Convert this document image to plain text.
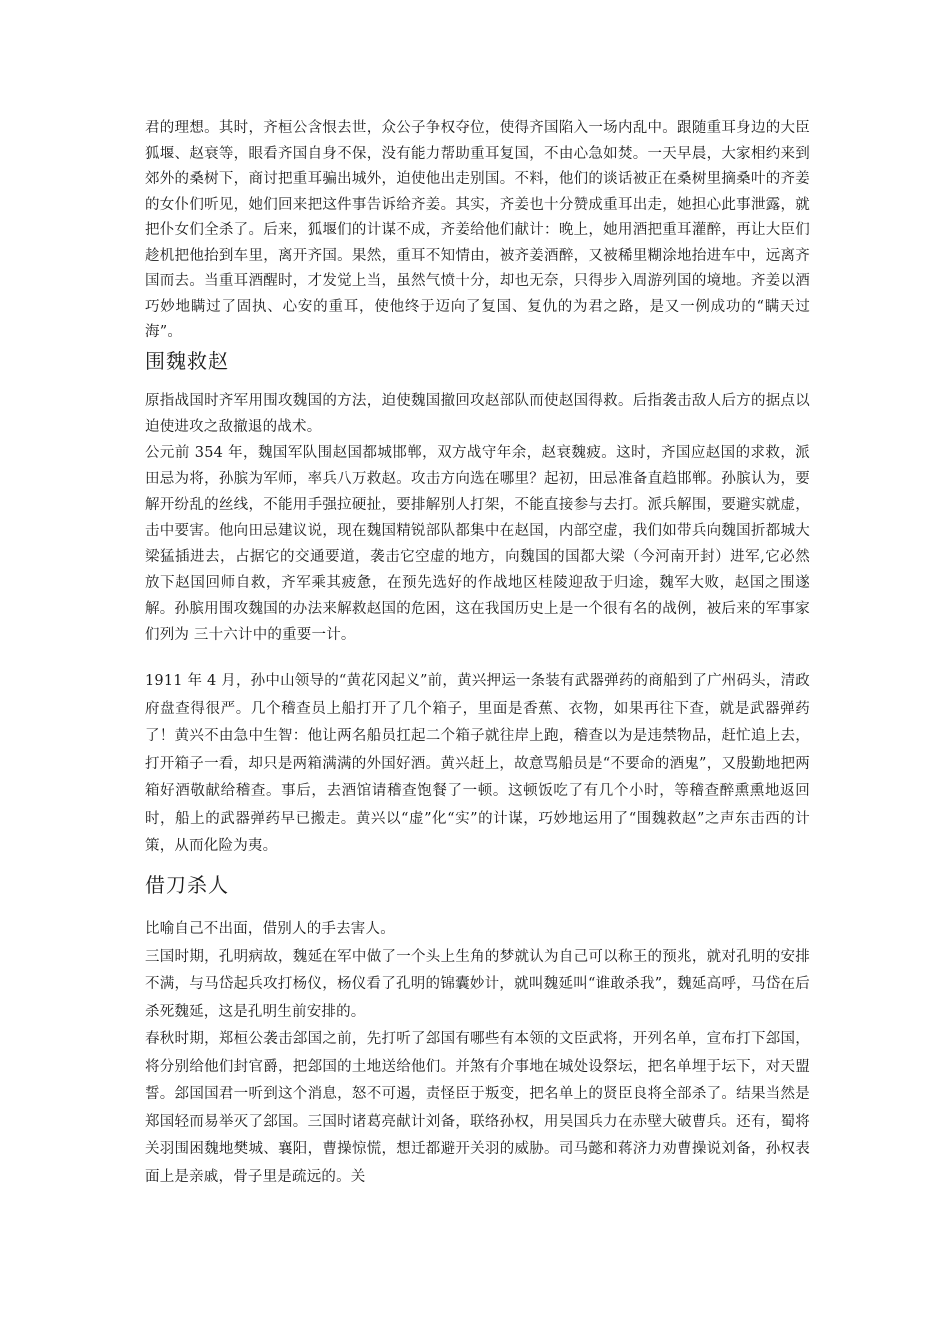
君的理想。其时，齐桓公含恨去世，众公子争权夺位，使得齐国陷入一场内乱中。跟随重耳身边的大臣狐堰、赵衰等，眼看齐国自身不保，没有能力帮助重耳复国，不由心急如焚。一天早晨，大家相约来到郊外的桑树下，商讨把重耳骗出城外，迫使他出走别国。不料，他们的谈话被正在桑树里摘桑叶的齐姜的女仆们听见，她们回来把这件事告诉给齐姜。其实，齐姜也十分赞成重耳出走，她担心此事泄露，就把仆女们全杀了。后来，狐堰们的计谋不成，齐姜给他们献计：晚上，她用酒把重耳灌醉，再让大臣们趁机把他抬到车里，离开齐国。果然，重耳不知情由，被齐姜酒醉，又被稀里糊涂地抬进车中，远离齐国而去。当重耳酒醒时，才发觉上当，虽然气愤十分，却也无奈，只得步入周游列国的境地。齐姜以酒巧妙地瞒过了固执、心安的重耳，使他终于迈向了复国、复仇的为君之路，是又一例成功的“瞒天过海”。

围魏救赵

原指战国时齐军用围攻魏国的方法，迫使魏国撤回攻赵部队而使赵国得救。后指袭击敌人后方的据点以迫使进攻之敌撤退的战术。

公元前 354 年，魏国军队围赵国都城邯郸，双方战守年余，赵衰魏疲。这时，齐国应赵国的求救，派田忌为将，孙膑为军师，率兵八万救赵。攻击方向选在哪里？起初，田忌准备直趋邯郸。孙膑认为，要解开纷乱的丝线，不能用手强拉硬扯，要排解别人打架，不能直接参与去打。派兵解围，要避实就虚，击中要害。他向田忌建议说，现在魏国精锐部队都集中在赵国，内部空虚，我们如带兵向魏国折都城大梁猛插进去，占据它的交通要道，袭击它空虚的地方，向魏国的国都大梁（今河南开封）进军,它必然放下赵国回师自救，齐军乘其疲惫，在预先选好的作战地区桂陵迎敌于归途，魏军大败，赵国之围遂解。孙膑用围攻魏国的办法来解救赵国的危困，这在我国历史上是一个很有名的战例，被后来的军事家们列为 三十六计中的重要一计。

1911 年 4 月，孙中山领导的“黄花冈起义”前，黄兴押运一条装有武器弹药的商船到了广州码头，清政府盘查得很严。几个稽查员上船打开了几个箱子，里面是香蕉、衣物，如果再往下查，就是武器弹药了！黄兴不由急中生智：他让两名船员扛起二个箱子就往岸上跑，稽查以为是违禁物品，赶忙追上去，打开箱子一看，却只是两箱满满的外国好酒。黄兴赶上，故意骂船员是“不要命的酒鬼”，又殷勤地把两箱好酒敬献给稽查。事后，去酒馆请稽查饱餐了一顿。这顿饭吃了有几个小时，等稽查醉熏熏地返回时，船上的武器弹药早已搬走。黄兴以“虚”化“实”的计谋，巧妙地运用了“围魏救赵”之声东击西的计策，从而化险为夷。

借刀杀人

比喻自己不出面，借别人的手去害人。

三国时期，孔明病故，魏延在军中做了一个头上生角的梦就认为自己可以称王的预兆，就对孔明的安排不满，与马岱起兵攻打杨仪，杨仪看了孔明的锦囊妙计，就叫魏延叫“谁敢杀我”，魏延高呼，马岱在后杀死魏延，这是孔明生前安排的。

春秋时期，郑桓公袭击郐国之前，先打听了郐国有哪些有本领的文臣武将，开列名单，宣布打下郐国，将分别给他们封官爵，把郐国的土地送给他们。并煞有介事地在城处设祭坛，把名单埋于坛下，对天盟誓。郐国国君一听到这个消息，怒不可遏，责怪臣于叛变，把名单上的贤臣良将全部杀了。结果当然是郑国轻而易举灭了郐国。三国时诸葛亮献计刘备，联络孙权，用吴国兵力在赤壁大破曹兵。还有，蜀将关羽围困魏地樊城、襄阳，曹操惊慌，想迁都避开关羽的威胁。司马懿和蒋济力劝曹操说刘备，孙权表面上是亲戚，骨子里是疏远的。关
